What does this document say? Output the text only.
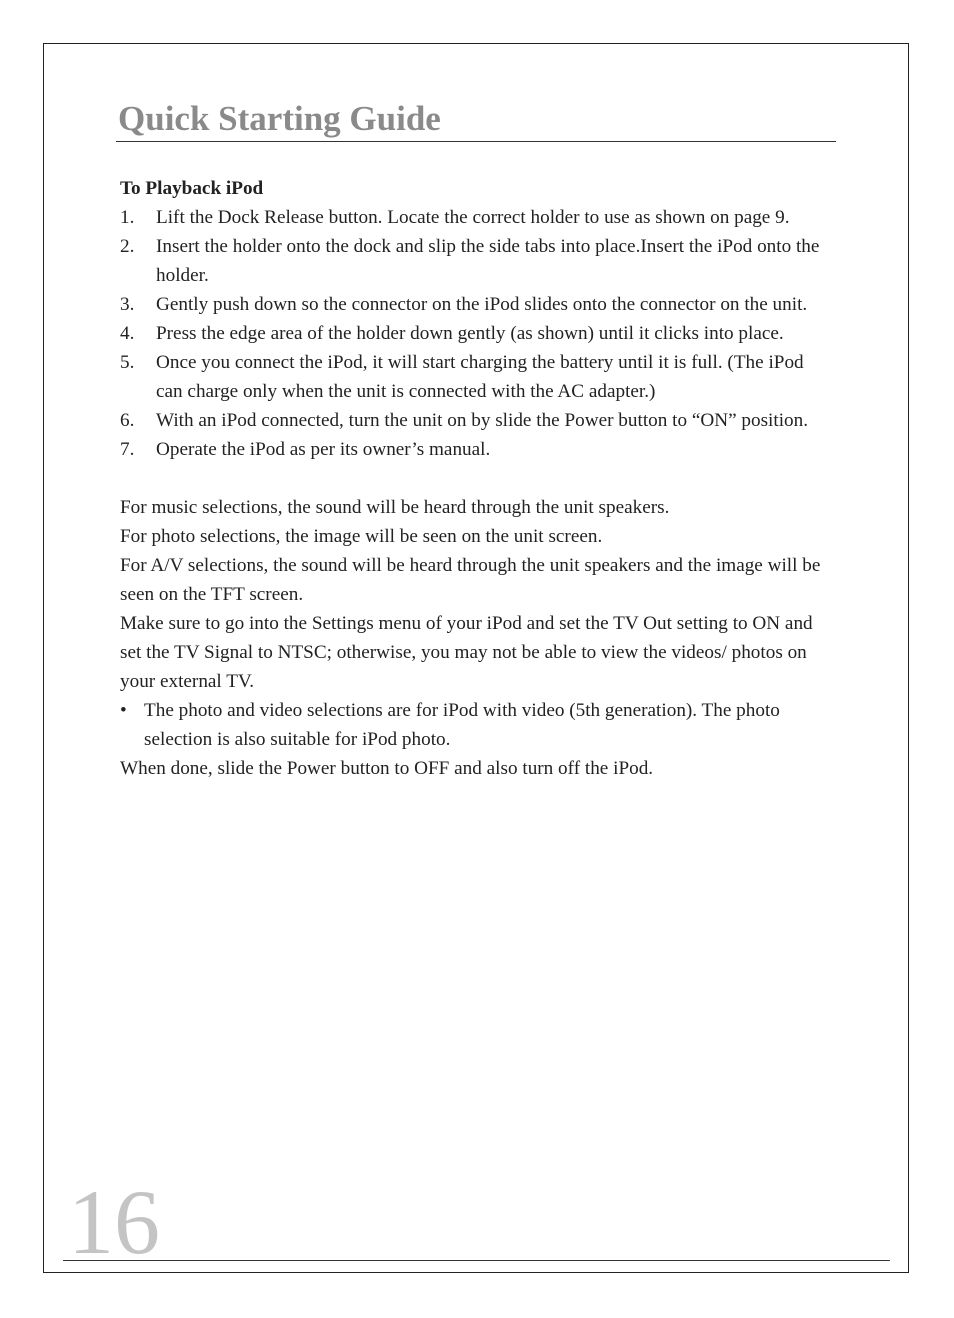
Quick Starting Guide

To Playback iPod

1. Lift the Dock Release button. Locate the correct holder to use as shown on page 9.
2. Insert the holder onto the dock and slip the side tabs into place.Insert the iPod onto the holder.
3. Gently push down so the connector on the iPod slides onto the connector on the unit.
4. Press the edge area of the holder down gently (as shown) until it clicks into place.
5. Once you connect the iPod, it will start charging the battery until it is full. (The iPod can charge only when the unit is connected with the AC adapter.)
6. With an iPod connected, turn the unit on by slide the Power button to “ON” position.
7. Operate the iPod as per its owner’s manual.

For music selections, the sound will be heard through the unit speakers.

For photo selections, the image will be seen on the unit screen.

For A/V selections, the sound will be heard through the unit speakers and the image will be seen on the TFT screen.

Make sure to go into the Settings menu of your iPod and set the TV Out setting to ON and set the TV Signal to NTSC; otherwise, you may not be able to view the videos/ photos on your external TV.

• The photo and video selections are for iPod with video (5th generation). The photo selection is also suitable for iPod photo.

When done, slide the Power button to OFF and also turn off the iPod.

16
